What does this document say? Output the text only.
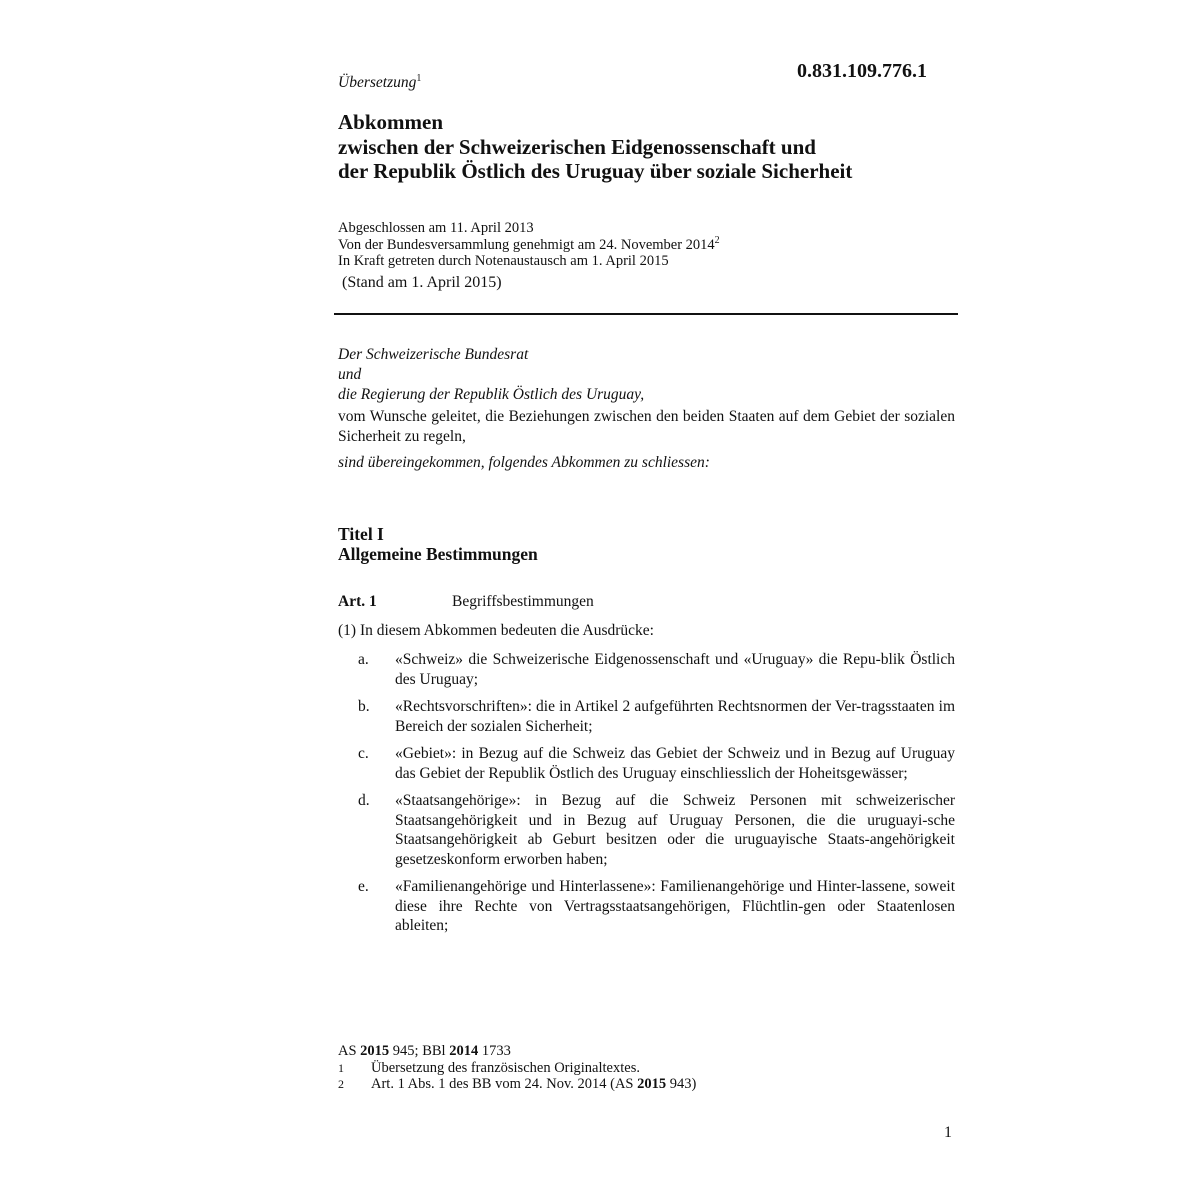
0.831.109.776.1
Übersetzung$^1$
Abkommen
zwischen der Schweizerischen Eidgenossenschaft und
der Republik Östlich des Uruguay über soziale Sicherheit
Abgeschlossen am 11. April 2013
Von der Bundesversammlung genehmigt am 24. November 2014$^2$
In Kraft getreten durch Notenaustausch am 1. April 2015
(Stand am 1. April 2015)
Der Schweizerische Bundesrat
und
die Regierung der Republik Östlich des Uruguay,
vom Wunsche geleitet, die Beziehungen zwischen den beiden Staaten auf dem Gebiet der sozialen Sicherheit zu regeln,
sind übereingekommen, folgendes Abkommen zu schliessen:
Titel I
Allgemeine Bestimmungen
Art. 1	Begriffsbestimmungen
(1) In diesem Abkommen bedeuten die Ausdrücke:
a.	«Schweiz» die Schweizerische Eidgenossenschaft und «Uruguay» die Repu-blik Östlich des Uruguay;
b.	«Rechtsvorschriften»: die in Artikel 2 aufgeführten Rechtsnormen der Ver-tragsstaaten im Bereich der sozialen Sicherheit;
c.	«Gebiet»: in Bezug auf die Schweiz das Gebiet der Schweiz und in Bezug auf Uruguay das Gebiet der Republik Östlich des Uruguay einschliesslich der Hoheitsgewässer;
d.	«Staatsangehörige»: in Bezug auf die Schweiz Personen mit schweizerischer Staatsangehörigkeit und in Bezug auf Uruguay Personen, die die uruguayi-sche Staatsangehörigkeit ab Geburt besitzen oder die uruguayische Staats-angehörigkeit gesetzeskonform erworben haben;
e.	«Familienangehörige und Hinterlassene»: Familienangehörige und Hinter-lassene, soweit diese ihre Rechte von Vertragsstaatsangehörigen, Flüchtlin-gen oder Staatenlosen ableiten;
AS 2015 945; BBl 2014 1733
1	Übersetzung des französischen Originaltextes.
2	Art. 1 Abs. 1 des BB vom 24. Nov. 2014 (AS 2015 943)
1
